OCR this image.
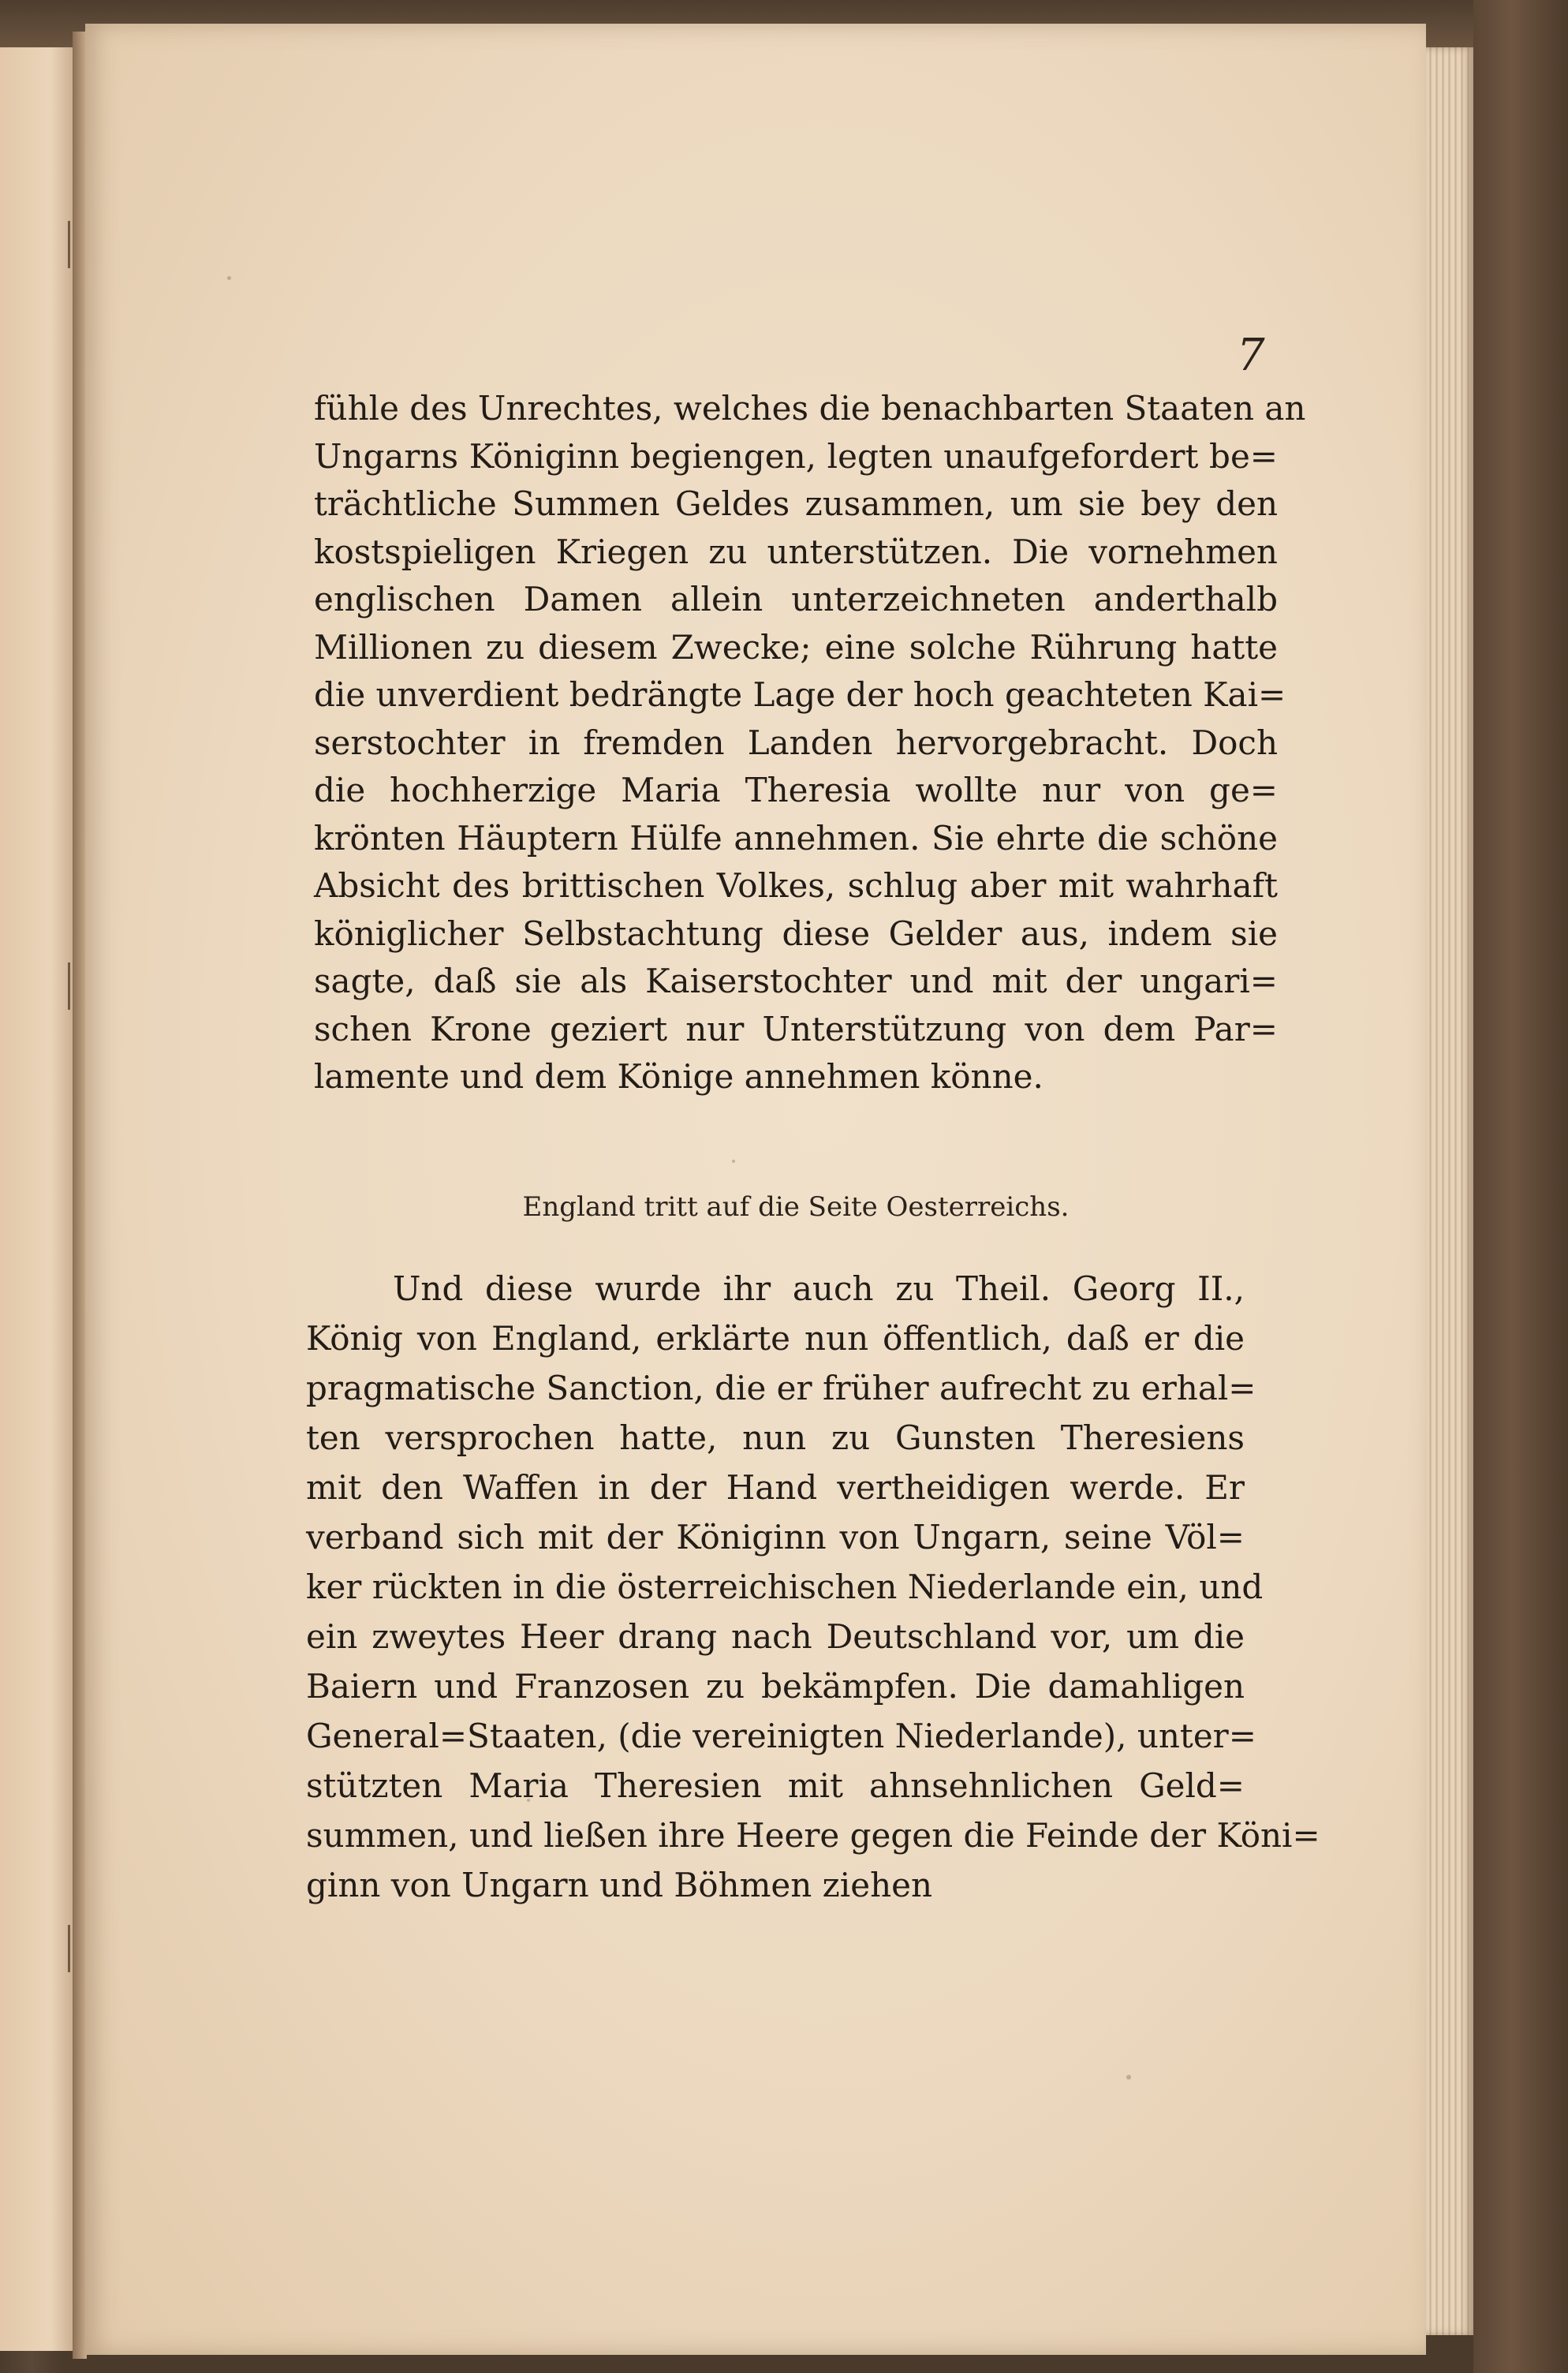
7
fühle des Unrechtes, welches die benachbarten Staaten an
Ungarns Königinn begiengen, legten unaufgefordert be=
trächtliche Summen Geldes zusammen, um sie bey den
kostspieligen Kriegen zu unterstützen. Die vornehmen
englischen Damen allein unterzeichneten anderthalb
Millionen zu diesem Zwecke; eine solche Rührung hatte
die unverdient bedrängte Lage der hoch geachteten Kai=
serstochter in fremden Landen hervorgebracht. Doch
die hochherzige Maria Theresia wollte nur von ge=
krönten Häuptern Hülfe annehmen. Sie ehrte die schöne
Absicht des brittischen Volkes, schlug aber mit wahrhaft
königlicher Selbstachtung diese Gelder aus, indem sie
sagte, daß sie als Kaiserstochter und mit der ungari=
schen Krone geziert nur Unterstützung von dem Par=
lamente und dem Könige annehmen könne.
England tritt auf die Seite Oesterreichs.
Und diese wurde ihr auch zu Theil. Georg II.,
König von England, erklärte nun öffentlich, daß er die
pragmatische Sanction, die er früher aufrecht zu erhal=
ten versprochen hatte, nun zu Gunsten Theresiens
mit den Waffen in der Hand vertheidigen werde. Er
verband sich mit der Königinn von Ungarn, seine Völ=
ker rückten in die österreichischen Niederlande ein, und
ein zweytes Heer drang nach Deutschland vor, um die
Baiern und Franzosen zu bekämpfen. Die damahligen
General=Staaten, (die vereinigten Niederlande), unter=
stützten Maria Theresien mit ahnsehnlichen Geld=
summen, und ließen ihre Heere gegen die Feinde der Köni=
ginn von Ungarn und Böhmen ziehen
